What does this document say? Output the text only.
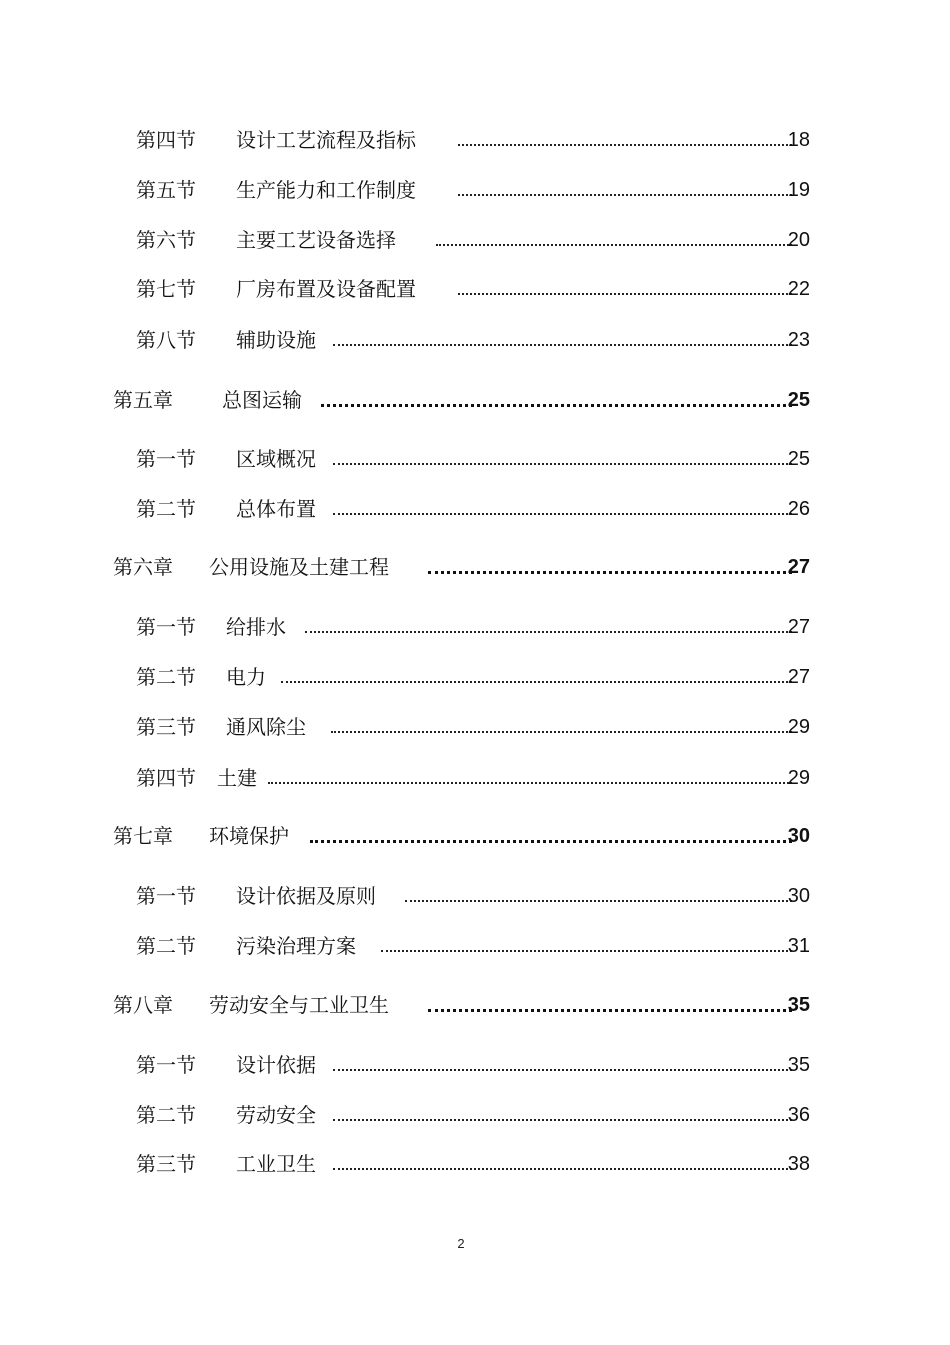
第四节 设计工艺流程及指标	18
第五节 生产能力和工作制度	19
第六节 主要工艺设备选择	20
第七节 厂房布置及设备配置	22
第八节 辅助设施	23
第五章 总图运输	25
第一节 区域概况	25
第二节 总体布置	26
第六章 公用设施及土建工程	27
第一节 给排水	27
第二节 电力	27
第三节 通风除尘	29
第四节 土建	29
第七章 环境保护	30
第一节 设计依据及原则	30
第二节 污染治理方案	31
第八章 劳动安全与工业卫生	35
第一节 设计依据	35
第二节 劳动安全	36
第三节 工业卫生	38
2
